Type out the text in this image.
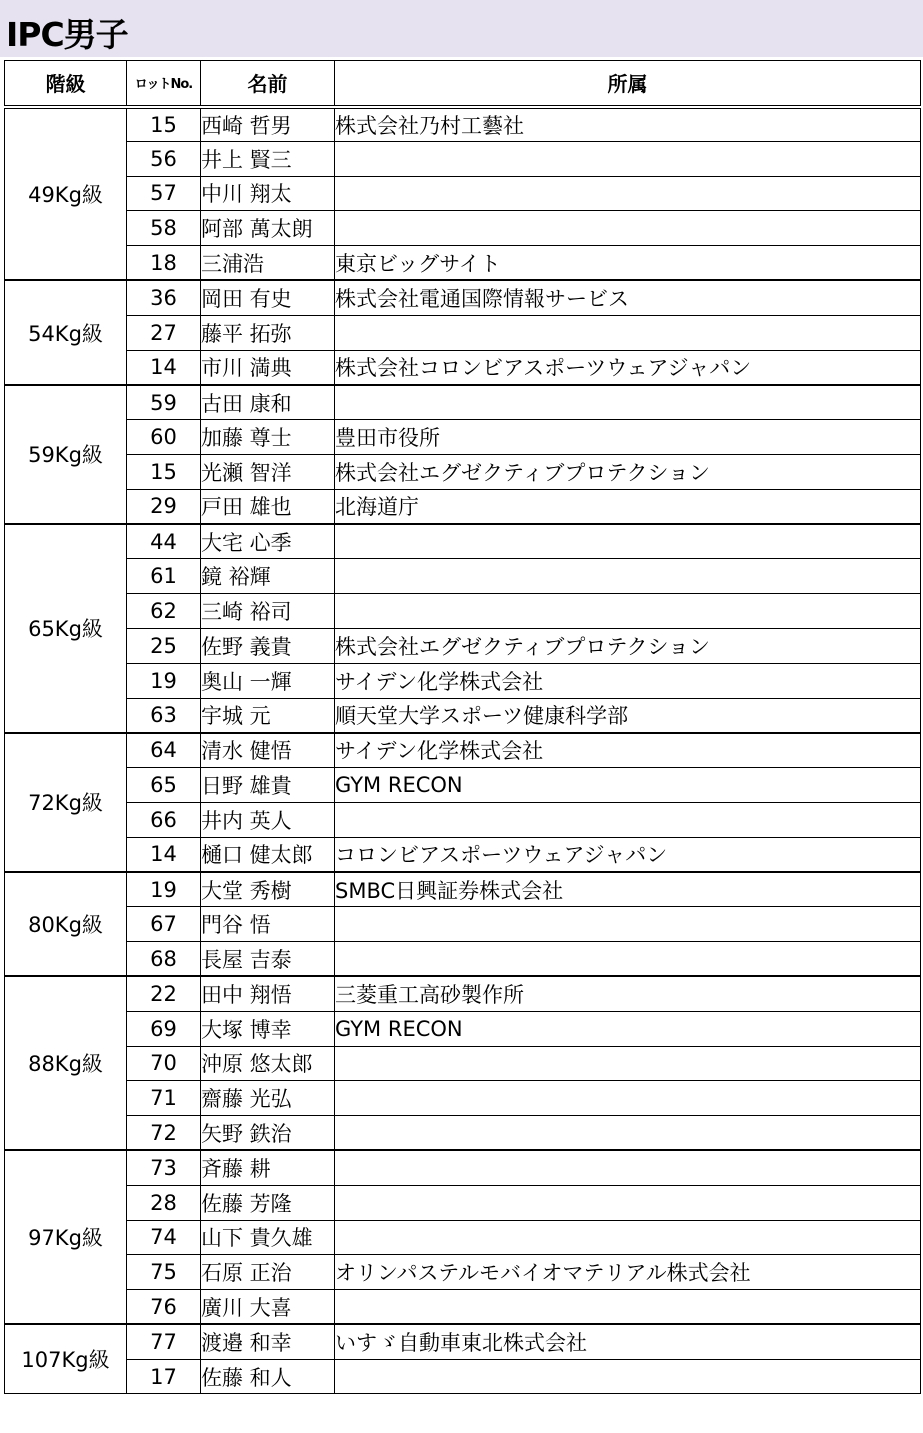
IPC男子
階級	ロットNo.	名前	所属
49Kg級	15	西崎 哲男	株式会社乃村工藝社
	56	井上 賢三	
	57	中川 翔太	
	58	阿部 萬太朗	
	18	三浦浩	東京ビッグサイト
54Kg級	36	岡田 有史	株式会社電通国際情報サービス
	27	藤平 拓弥	
	14	市川 満典	株式会社コロンビアスポーツウェアジャパン
59Kg級	59	古田 康和	
	60	加藤 尊士	豊田市役所
	15	光瀬 智洋	株式会社エグゼクティブプロテクション
	29	戸田 雄也	北海道庁
65Kg級	44	大宅 心季	
	61	鏡 裕輝	
	62	三崎 裕司	
	25	佐野 義貴	株式会社エグゼクティブプロテクション
	19	奥山 一輝	サイデン化学株式会社
	63	宇城 元	順天堂大学スポーツ健康科学部
72Kg級	64	清水 健悟	サイデン化学株式会社
	65	日野 雄貴	GYM RECON
	66	井内 英人	
	14	樋口 健太郎	コロンビアスポーツウェアジャパン
80Kg級	19	大堂 秀樹	SMBC日興証券株式会社
	67	門谷 悟	
	68	長屋 吉泰	
88Kg級	22	田中 翔悟	三菱重工高砂製作所
	69	大塚 博幸	GYM RECON
	70	沖原 悠太郎	
	71	齋藤 光弘	
	72	矢野 鉄治	
97Kg級	73	斉藤 耕	
	28	佐藤 芳隆	
	74	山下 貴久雄	
	75	石原 正治	オリンパステルモバイオマテリアル株式会社
	76	廣川 大喜	
107Kg級	77	渡邉 和幸	いすゞ自動車東北株式会社
	17	佐藤 和人	
